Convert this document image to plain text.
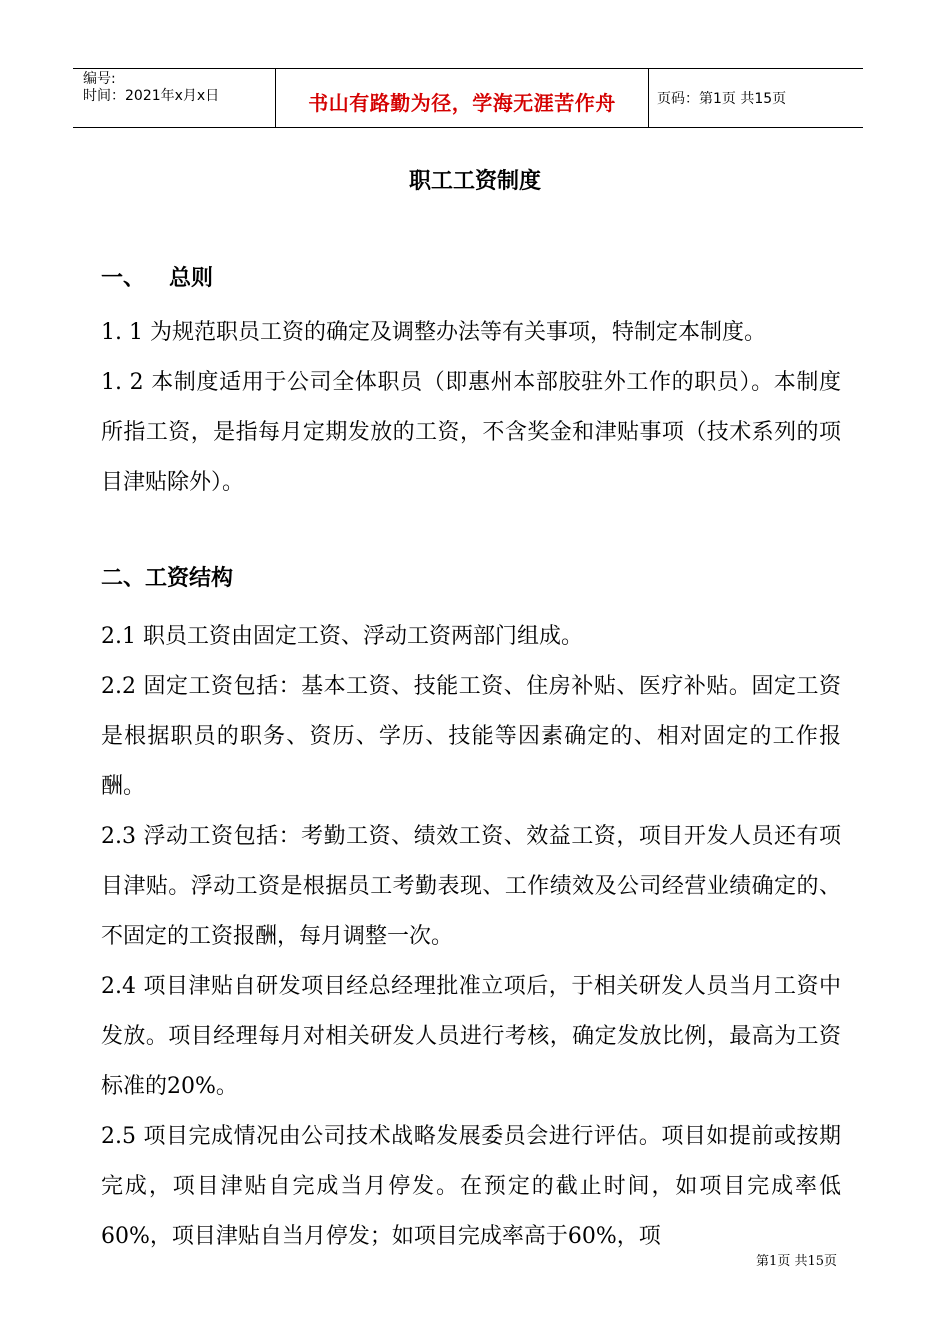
编号:
时间：2021年x月x日	书山有路勤为径，学海无涯苦作舟	页码：第1页 共15页
职工工资制度
一、 总则

1. 1 为规范职员工资的确定及调整办法等有关事项，特制定本制度。

1. 2 本制度适用于公司全体职员（即惠州本部胶驻外工作的职员）。本制度所指工资，是指每月定期发放的工资，不含奖金和津贴事项（技术系列的项目津贴除外）。

二、工资结构

2.1 职员工资由固定工资、浮动工资两部门组成。

2.2 固定工资包括：基本工资、技能工资、住房补贴、医疗补贴。固定工资是根据职员的职务、资历、学历、技能等因素确定的、相对固定的工作报酬。

2.3 浮动工资包括：考勤工资、绩效工资、效益工资，项目开发人员还有项目津贴。浮动工资是根据员工考勤表现、工作绩效及公司经营业绩确定的、不固定的工资报酬，每月调整一次。

2.4 项目津贴自研发项目经总经理批准立项后，于相关研发人员当月工资中发放。项目经理每月对相关研发人员进行考核，确定发放比例，最高为工资标准的20%。

2.5 项目完成情况由公司技术战略发展委员会进行评估。项目如提前或按期完成，项目津贴自完成当月停发。在预定的截止时间，如项目完成率低60%，项目津贴自当月停发；如项目完成率高于60%，项

第1页 共15页
